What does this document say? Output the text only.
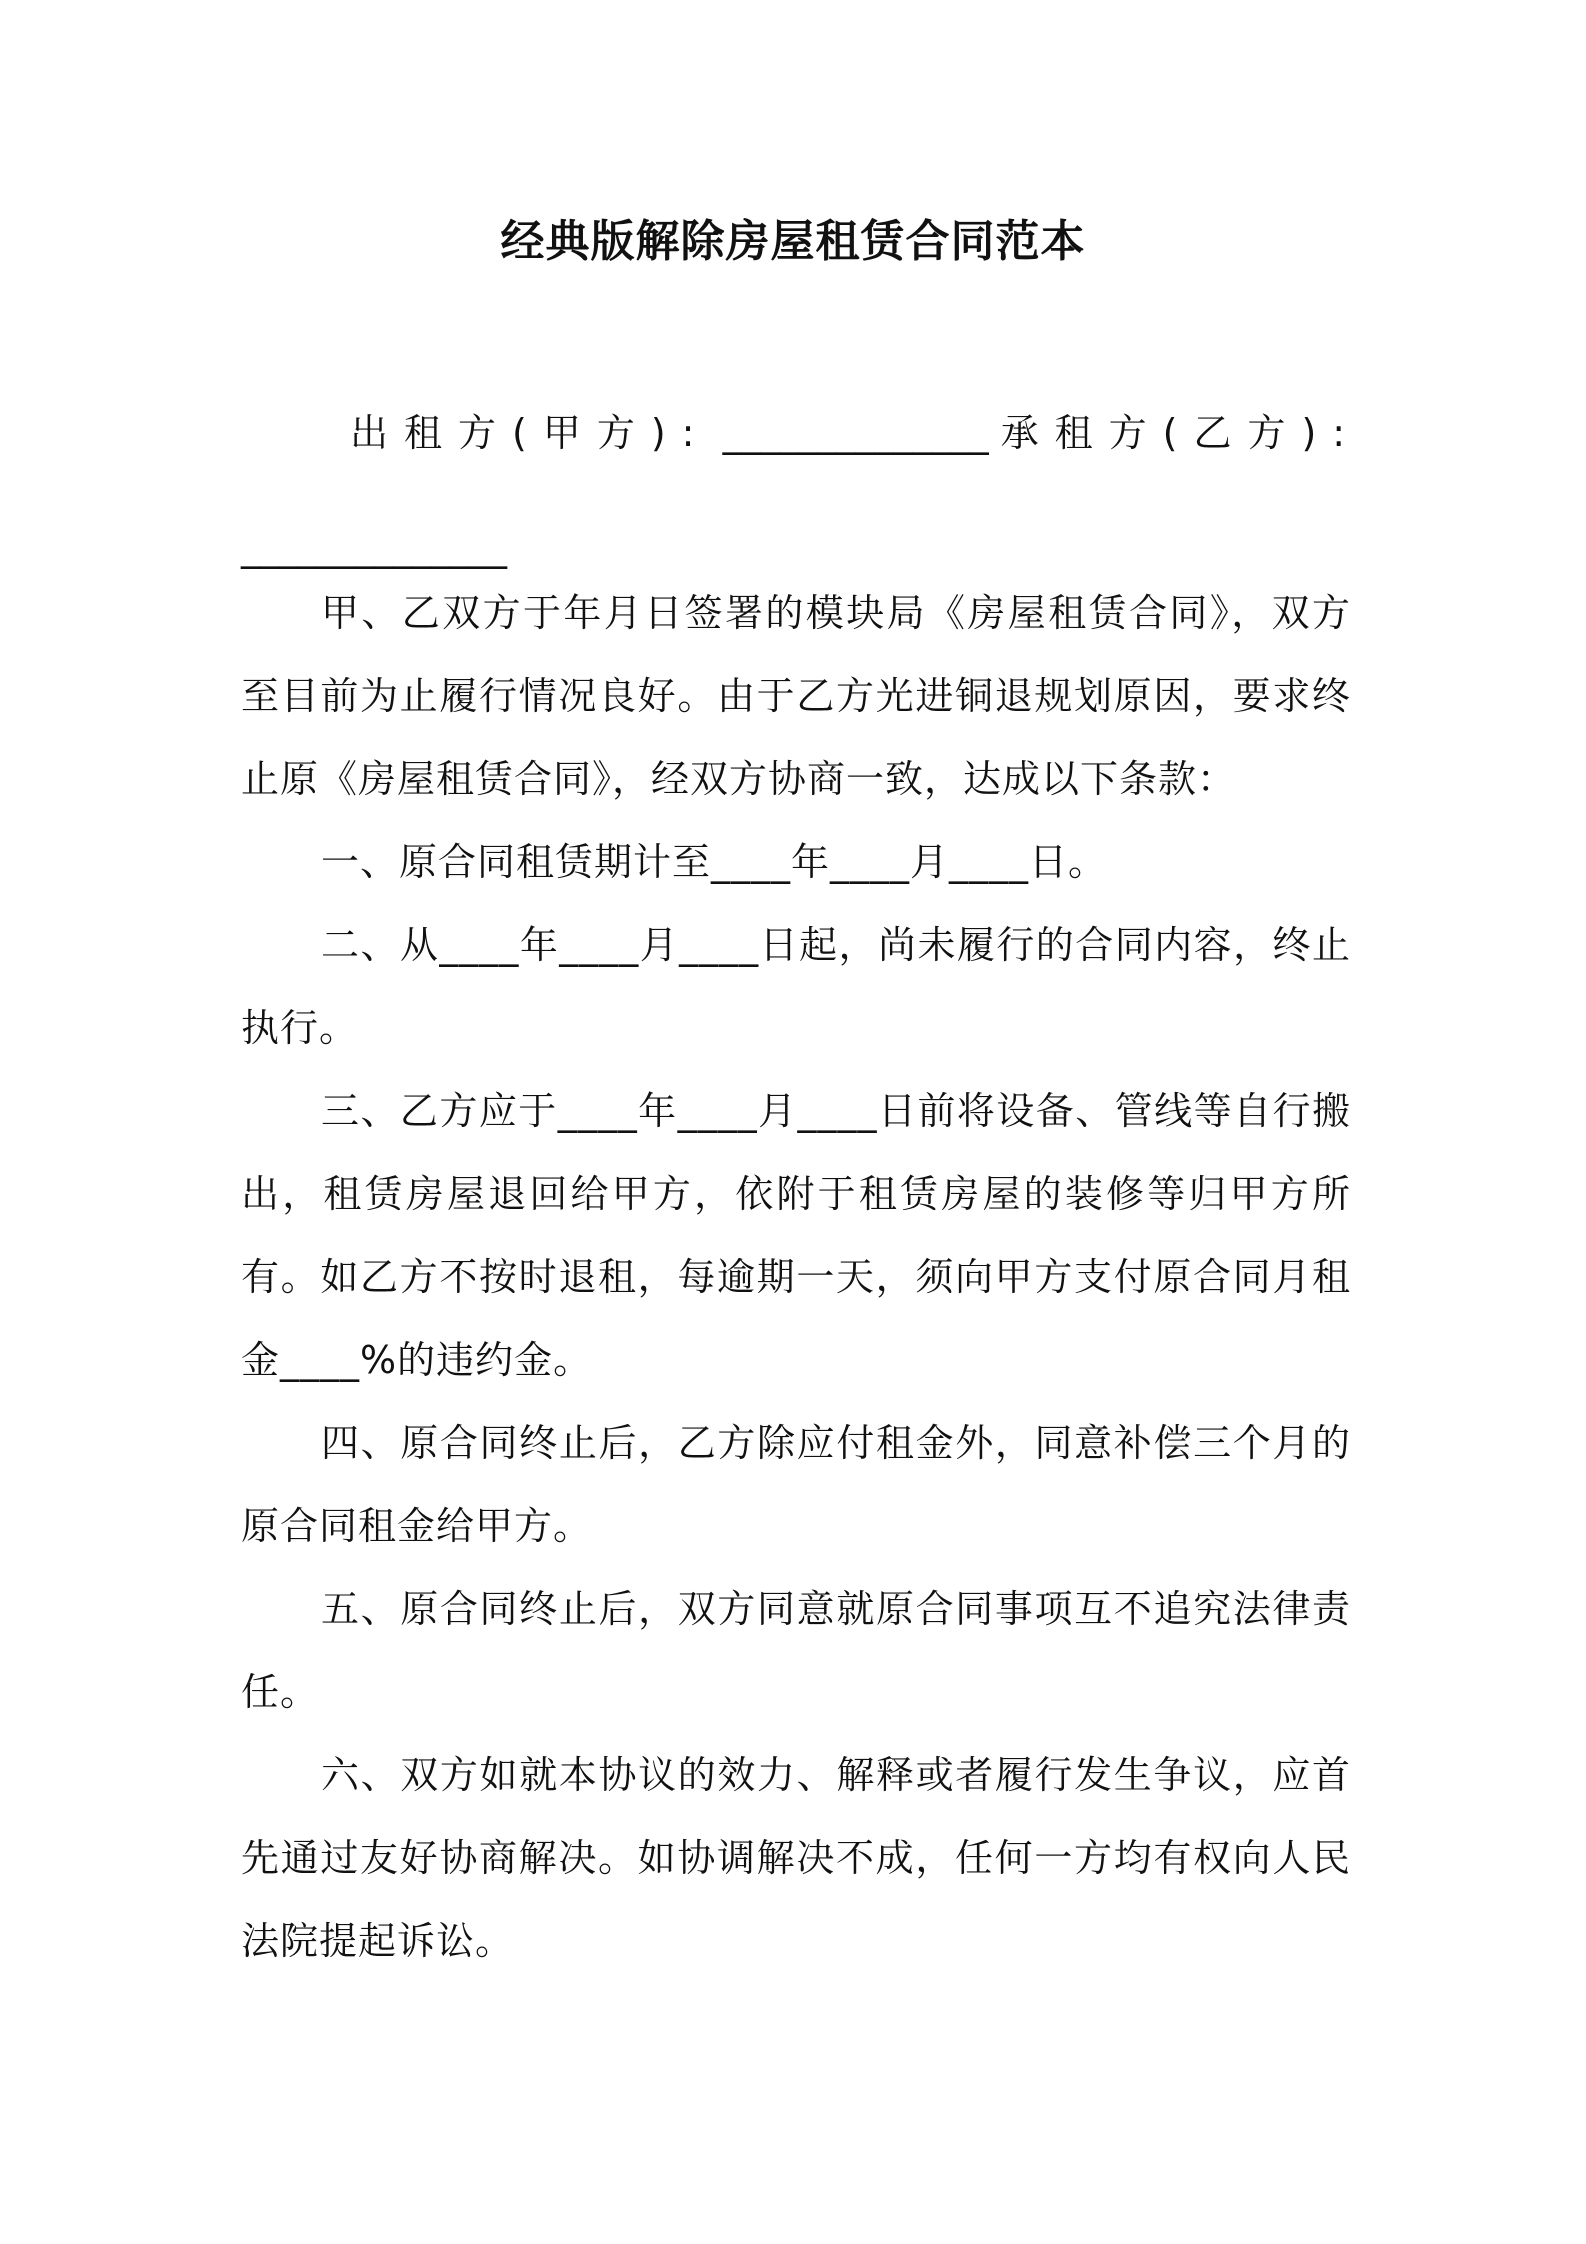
经典版解除房屋租赁合同范本
出租方(甲方): ______________ 承租方(乙方):
______________

甲、乙双方于年月日签署的模块局《房屋租赁合同》，双方至目前为止履行情况良好。由于乙方光进铜退规划原因，要求终止原《房屋租赁合同》，经双方协商一致，达成以下条款：

一、原合同租赁期计至____年____月____日。

二、从____年____月____日起，尚未履行的合同内容，终止执行。

三、乙方应于____年____月____日前将设备、管线等自行搬出，租赁房屋退回给甲方，依附于租赁房屋的装修等归甲方所有。如乙方不按时退租，每逾期一天，须向甲方支付原合同月租金____%的违约金。

四、原合同终止后，乙方除应付租金外，同意补偿三个月的原合同租金给甲方。

五、原合同终止后，双方同意就原合同事项互不追究法律责任。

六、双方如就本协议的效力、解释或者履行发生争议，应首先通过友好协商解决。如协调解决不成，任何一方均有权向人民法院提起诉讼。
